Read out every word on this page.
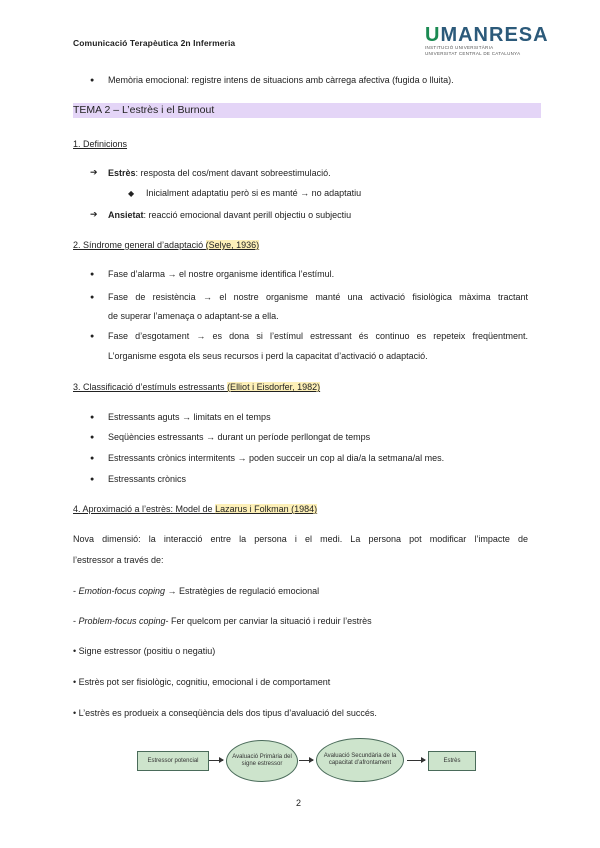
Comunicació Terapèutica 2n Infermeria	UMANRESA
INSTITUCIÓ UNIVERSITÀRIA
UNIVERSITAT CENTRAL DE CATALUNYA
● Memòria emocional: registre intens de situacions amb càrrega afectiva (fugida o lluita).
TEMA 2 – L’estrès i el Burnout
1. Definicions
➔ Estrès: resposta del cos/ment davant sobreestimulació.
◆ Inicialment adaptatiu però si es manté → no adaptatiu
➔ Ansietat: reacció emocional davant perill objectiu o subjectiu
2. Síndrome general d’adaptació (Selye, 1936)
● Fase d’alarma → el nostre organisme identifica l’estímul.
● Fase de resistència → el nostre organisme manté una activació fisiològica màxima tractant
de superar l’amenaça o adaptant-se a ella.
● Fase d’esgotament → es dona si l’estímul estressant és continuo es repeteix freqüentment.
L’organisme esgota els seus recursos i perd la capacitat d’activació o adaptació.
3. Classificació d’estímuls estressants (Elliot i Eisdorfer, 1982)
● Estressants aguts → limitats en el temps
● Seqüències estressants → durant un període perllongat de temps
● Estressants crònics intermitents → poden succeir un cop al dia/a la setmana/al mes.
● Estressants crònics
4. Aproximació a l’estrès: Model de Lazarus i Folkman (1984)
Nova dimensió: la interacció entre la persona i el medi. La persona pot modificar l’impacte de
l’estressor a través de:
- Emotion-focus coping → Estratègies de regulació emocional
- Problem-focus coping- Fer quelcom per canviar la situació i reduir l’estrès
• Signe estressor (positiu o negatiu)
• Estrès pot ser fisiològic, cognitiu, emocional i de comportament
• L’estrès es produeix a conseqüència dels dos tipus d’avaluació del succés.
Estressor potencial
Avaluació Primària del signe estressor
Avaluació Secundària de la capacitat d’afrontament	Estrès
2
